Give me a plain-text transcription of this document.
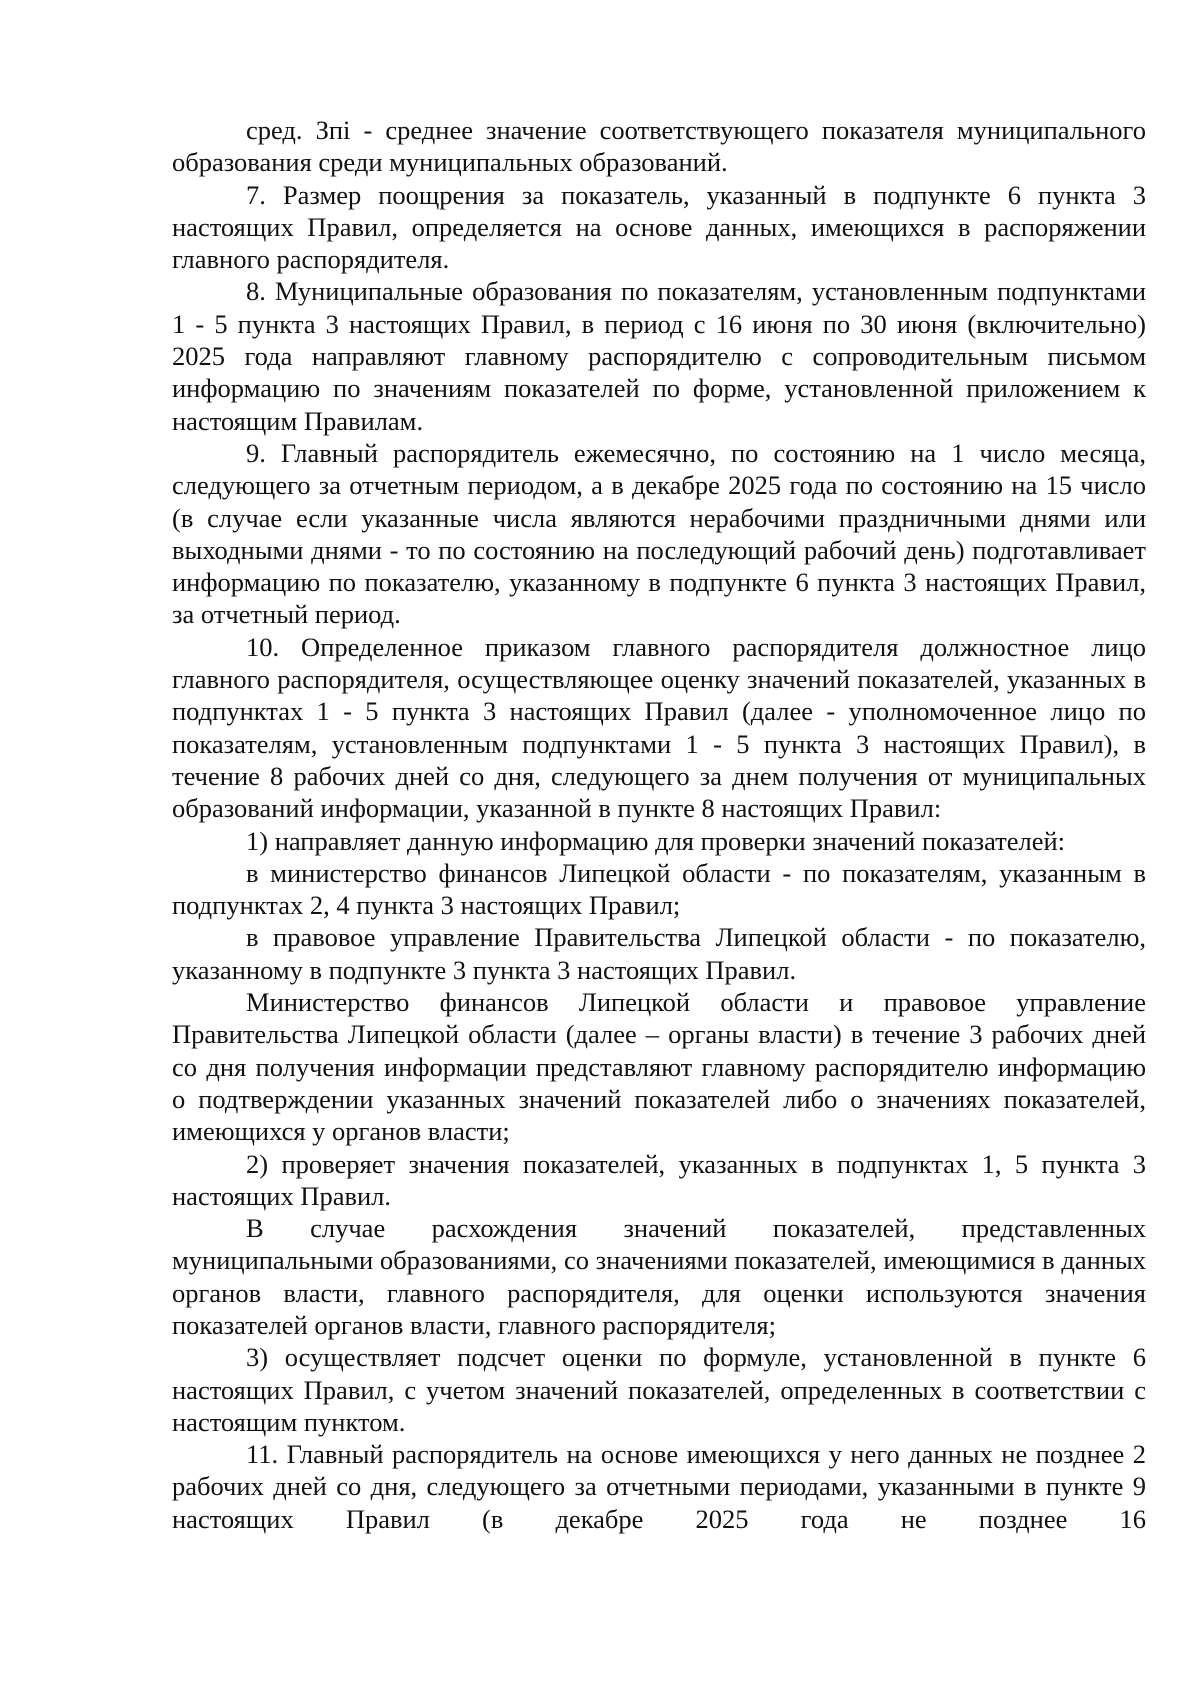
сред. Зпi - среднее значение соответствующего показателя муниципального образования среди муниципальных образований.

7. Размер поощрения за показатель, указанный в подпункте 6 пункта 3 настоящих Правил, определяется на основе данных, имеющихся в распоряжении главного распорядителя.

8. Муниципальные образования по показателям, установленным подпунктами 1 - 5 пункта 3 настоящих Правил, в период с 16 июня по 30 июня (включительно) 2025 года направляют главному распорядителю с сопроводительным письмом информацию по значениям показателей по форме, установленной приложением к настоящим Правилам.

9. Главный распорядитель ежемесячно, по состоянию на 1 число месяца, следующего за отчетным периодом, а в декабре 2025 года по состоянию на 15 число (в случае если указанные числа являются нерабочими праздничными днями или выходными днями - то по состоянию на последующий рабочий день) подготавливает информацию по показателю, указанному в подпункте 6 пункта 3 настоящих Правил, за отчетный период.

10. Определенное приказом главного распорядителя должностное лицо главного распорядителя, осуществляющее оценку значений показателей, указанных в подпунктах 1 - 5 пункта 3 настоящих Правил (далее - уполномоченное лицо по показателям, установленным подпунктами 1 - 5 пункта 3 настоящих Правил), в течение 8 рабочих дней со дня, следующего за днем получения от муниципальных образований информации, указанной в пункте 8 настоящих Правил:

1) направляет данную информацию для проверки значений показателей:

в министерство финансов Липецкой области - по показателям, указанным в подпунктах 2, 4 пункта 3 настоящих Правил;

в правовое управление Правительства Липецкой области - по показателю, указанному в подпункте 3 пункта 3 настоящих Правил.

Министерство финансов Липецкой области и правовое управление Правительства Липецкой области (далее – органы власти) в течение 3 рабочих дней со дня получения информации представляют главному распорядителю информацию о подтверждении указанных значений показателей либо о значениях показателей, имеющихся у органов власти;

2) проверяет значения показателей, указанных в подпунктах 1, 5 пункта 3 настоящих Правил.

В случае расхождения значений показателей, представленных муниципальными образованиями, со значениями показателей, имеющимися в данных органов власти, главного распорядителя, для оценки используются значения показателей органов власти, главного распорядителя;

3) осуществляет подсчет оценки по формуле, установленной в пункте 6 настоящих Правил, с учетом значений показателей, определенных в соответствии с настоящим пунктом.

11. Главный распорядитель на основе имеющихся у него данных не позднее 2 рабочих дней со дня, следующего за отчетными периодами, указанными в пункте 9 настоящих Правил (в декабре 2025 года не позднее 16
